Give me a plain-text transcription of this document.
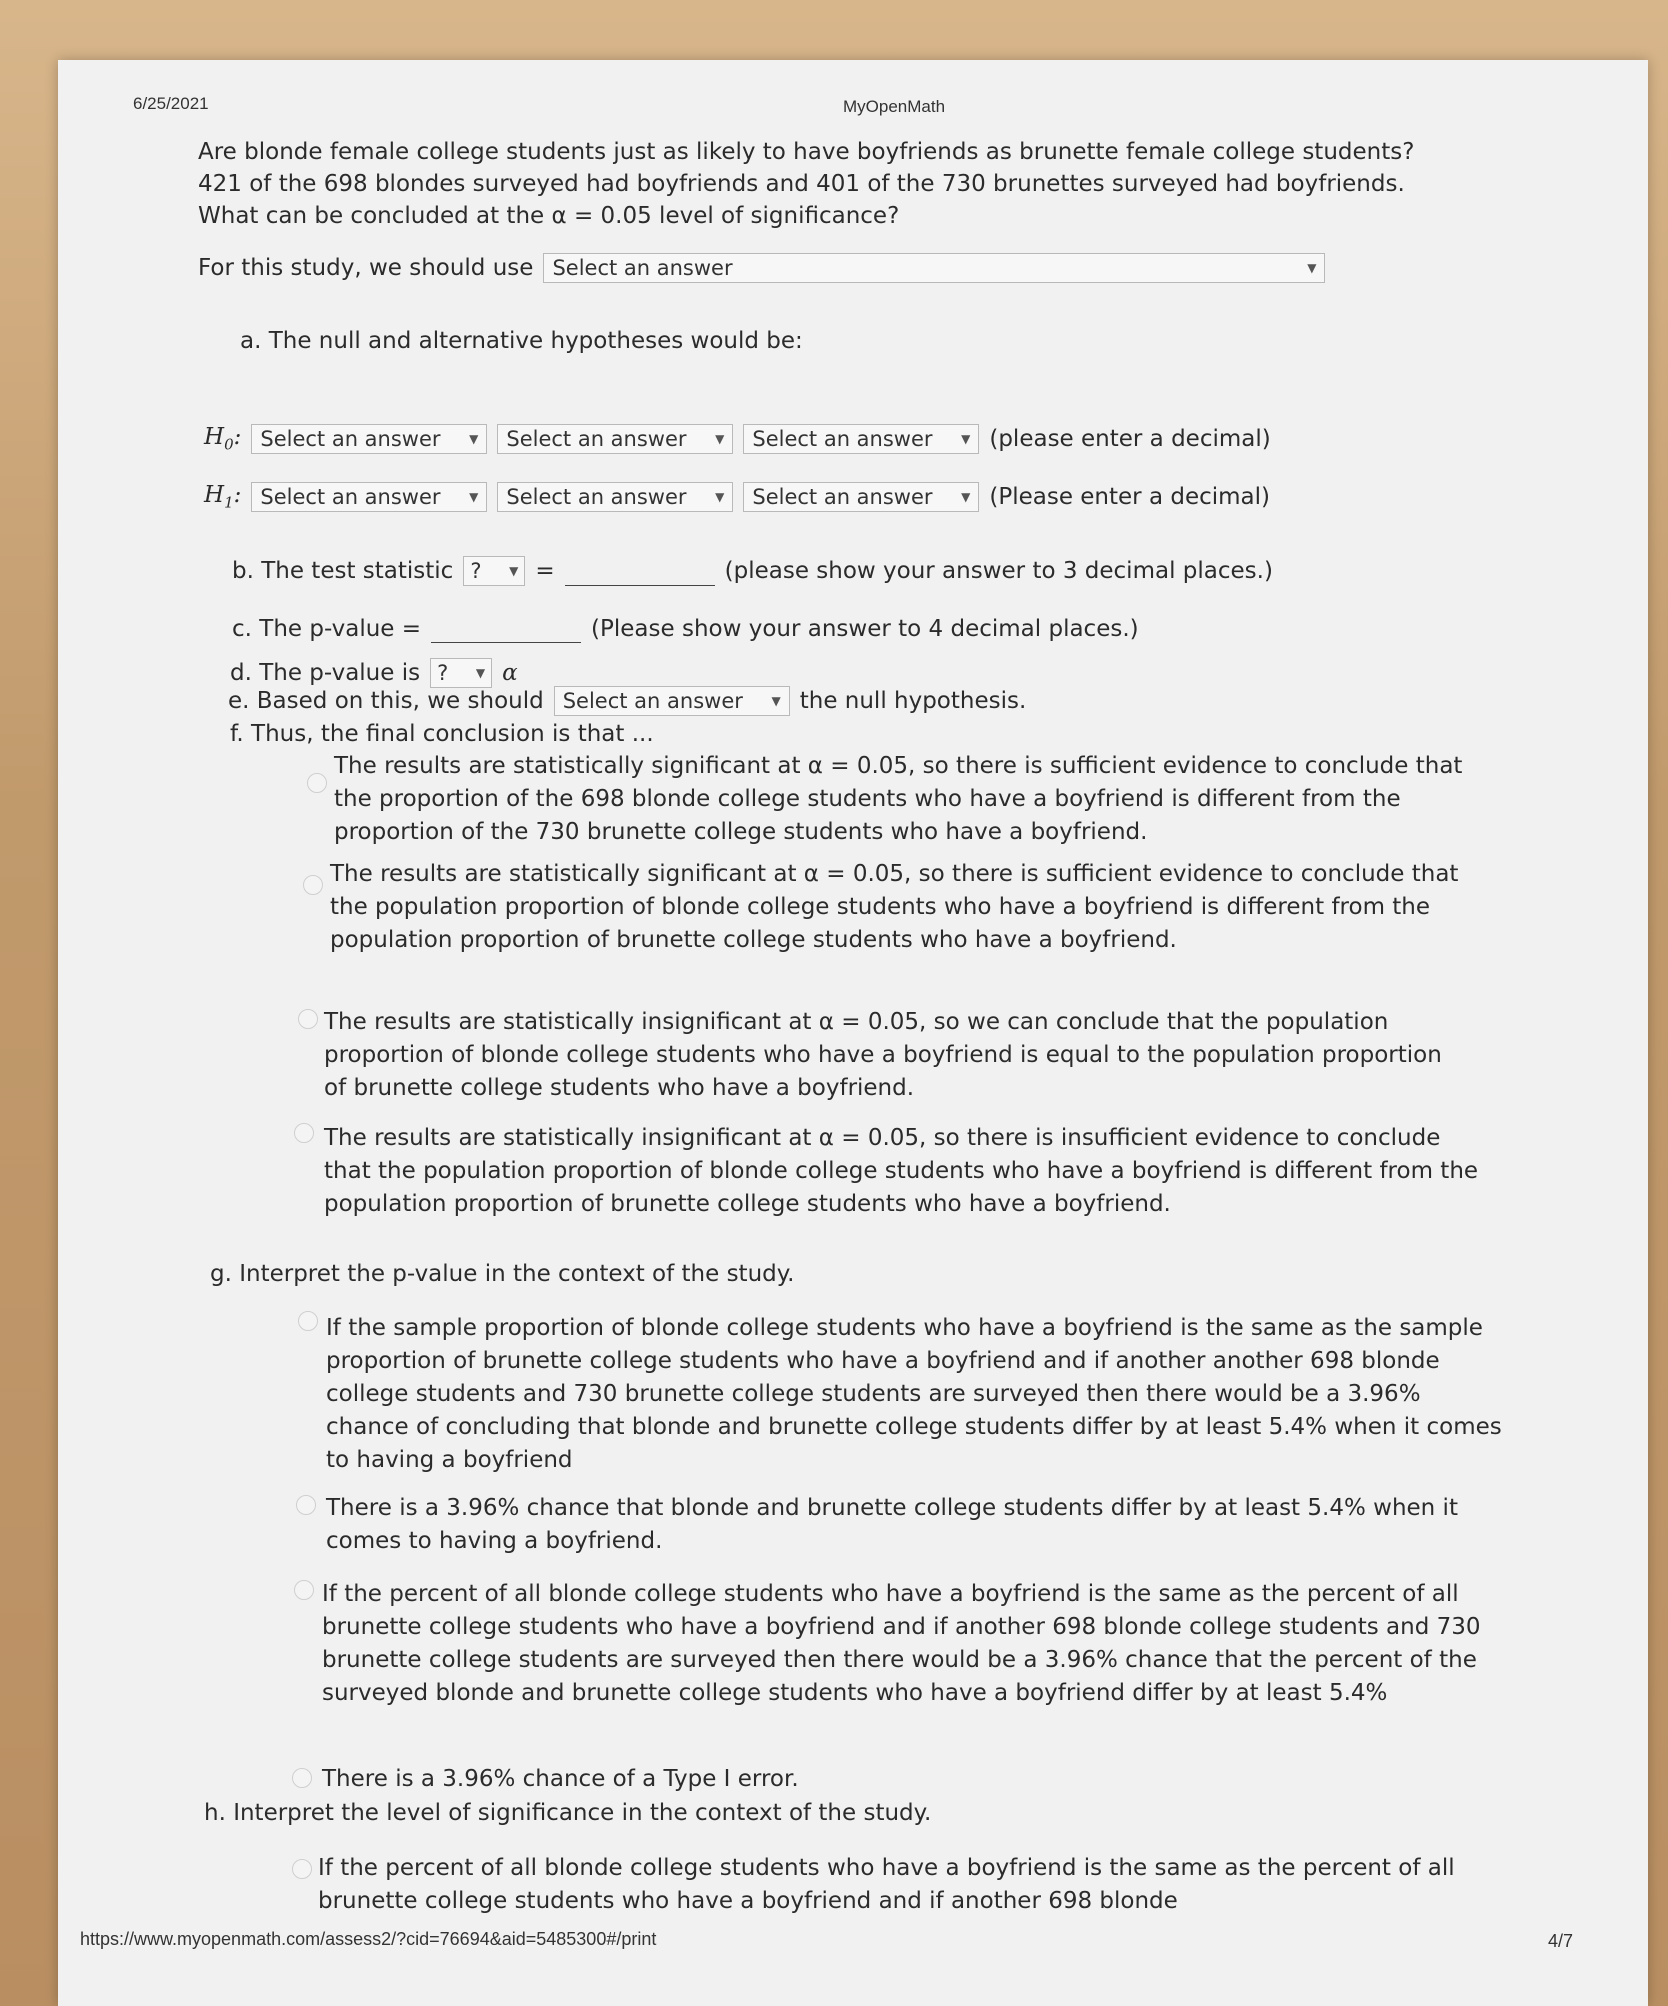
6/25/2021	MyOpenMath
Are blonde female college students just as likely to have boyfriends as brunette female college students? 421 of the 698 blondes surveyed had boyfriends and 401 of the 730 brunettes surveyed had boyfriends. What can be concluded at the α = 0.05 level of significance?
For this study, we should use Select an answer	▼
a. The null and alternative hypotheses would be:
$H_0$: Select an answer ▼ Select an answer ▼ Select an answer ▼ (please enter a decimal)
$H_1$: Select an answer ▼ Select an answer ▼ Select an answer ▼ (Please enter a decimal)
b. The test statistic ? ▼ =	(please show your answer to 3 decimal places.)
c. The p-value =	(Please show your answer to 4 decimal places.)
d. The p-value is ? ▼ α
e. Based on this, we should Select an answer ▼ the null hypothesis.
f. Thus, the final conclusion is that ...
The results are statistically significant at α = 0.05, so there is sufficient evidence to conclude that the proportion of the 698 blonde college students who have a boyfriend is different from the proportion of the 730 brunette college students who have a boyfriend.
The results are statistically significant at α = 0.05, so there is sufficient evidence to conclude that the population proportion of blonde college students who have a boyfriend is different from the population proportion of brunette college students who have a boyfriend.
The results are statistically insignificant at α = 0.05, so we can conclude that the population proportion of blonde college students who have a boyfriend is equal to the population proportion of brunette college students who have a boyfriend.
The results are statistically insignificant at α = 0.05, so there is insufficient evidence to conclude that the population proportion of blonde college students who have a boyfriend is different from the population proportion of brunette college students who have a boyfriend.
g. Interpret the p-value in the context of the study.
If the sample proportion of blonde college students who have a boyfriend is the same as the sample proportion of brunette college students who have a boyfriend and if another another 698 blonde college students and 730 brunette college students are surveyed then there would be a 3.96% chance of concluding that blonde and brunette college students differ by at least 5.4% when it comes to having a boyfriend
There is a 3.96% chance that blonde and brunette college students differ by at least 5.4% when it comes to having a boyfriend.
If the percent of all blonde college students who have a boyfriend is the same as the percent of all brunette college students who have a boyfriend and if another 698 blonde college students and 730 brunette college students are surveyed then there would be a 3.96% chance that the percent of the surveyed blonde and brunette college students who have a boyfriend differ by at least 5.4%
There is a 3.96% chance of a Type I error.
h. Interpret the level of significance in the context of the study.
If the percent of all blonde college students who have a boyfriend is the same as the percent of all brunette college students who have a boyfriend and if another 698 blonde
https://www.myopenmath.com/assess2/?cid=76694&aid=5485300#/print	4/7
